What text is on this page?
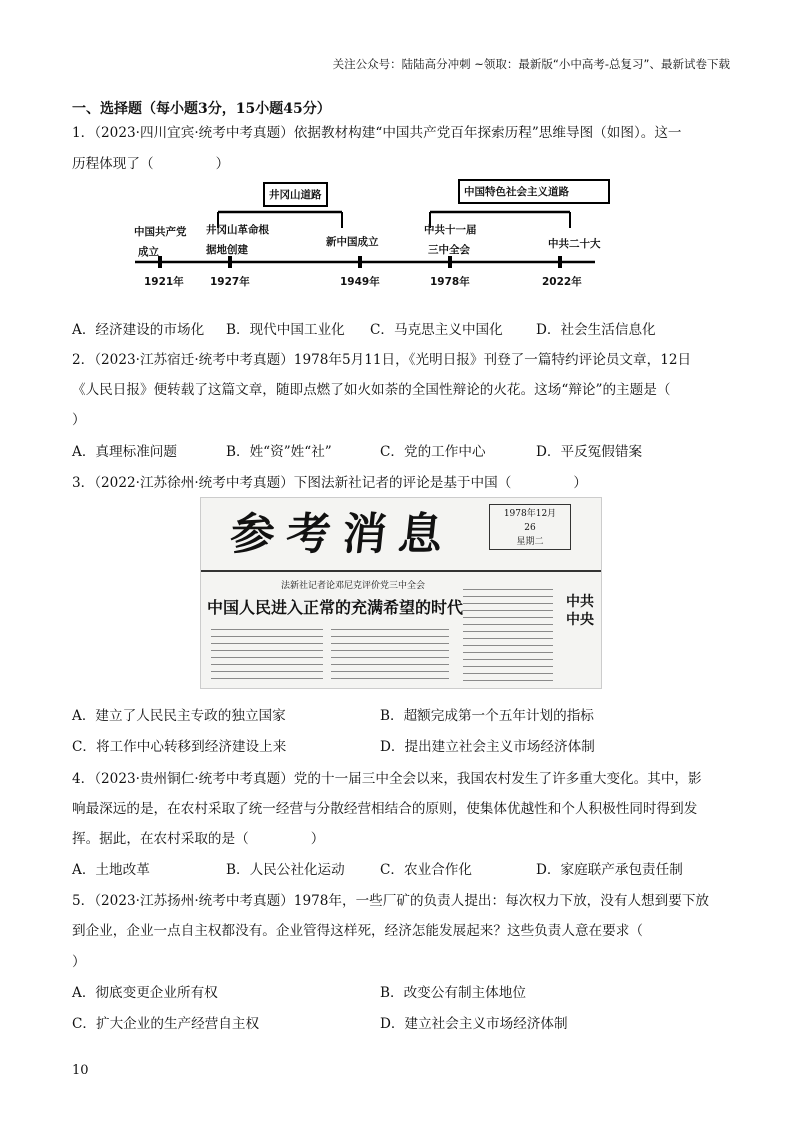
关注公众号：陆陆高分冲刺 ~领取：最新版“小中高考-总复习”、最新试卷下载
一、选择题（每小题3分，15小题45分）
1．（2023·四川宜宾·统考中考真题）依据教材构建“中国共产党百年探索历程”思维导图（如图）。这一
历程体现了（	）
井冈山道路	中国特色社会主义道路
中国共产党
成立
井冈山革命根
据地创建
新中国成立
中共十一届
三中全会	中共二十大
1921年	1927年	1949年	1978年	2022年
A．经济建设的市场化 B．现代中国工业化 C．马克思主义中国化 D．社会生活信息化
2．（2023·江苏宿迁·统考中考真题）1978年5月11日，《光明日报》刊登了一篇特约评论员文章，12日
《人民日报》便转载了这篇文章，随即点燃了如火如荼的全国性辩论的火花。这场“辩论”的主题是（
）
A．真理标准问题	B．姓“资”姓“社”	C．党的工作中心	D．平反冤假错案
3．（2022·江苏徐州·统考中考真题）下图法新社记者的评论是基于中国（	）
参考消息	1978年12月
26
星期二
法新社记者论邓尼克评价党三中全会
中国人民进入正常的充满希望的时代	中共中央
A．建立了人民民主专政的独立国家	B．超额完成第一个五年计划的指标
C．将工作中心转移到经济建设上来	D．提出建立社会主义市场经济体制
4．（2023·贵州铜仁·统考中考真题）党的十一届三中全会以来，我国农村发生了许多重大变化。其中，影
响最深远的是，在农村采取了统一经营与分散经营相结合的原则，使集体优越性和个人积极性同时得到发
挥。据此，在农村采取的是（	）
A．土地改革	B．人民公社化运动	C．农业合作化	D．家庭联产承包责任制
5．（2023·江苏扬州·统考中考真题）1978年，一些厂矿的负责人提出：每次权力下放，没有人想到要下放
到企业，企业一点自主权都没有。企业管得这样死，经济怎能发展起来？这些负责人意在要求（
）
A．彻底变更企业所有权	B．改变公有制主体地位
C．扩大企业的生产经营自主权	D．建立社会主义市场经济体制
10
